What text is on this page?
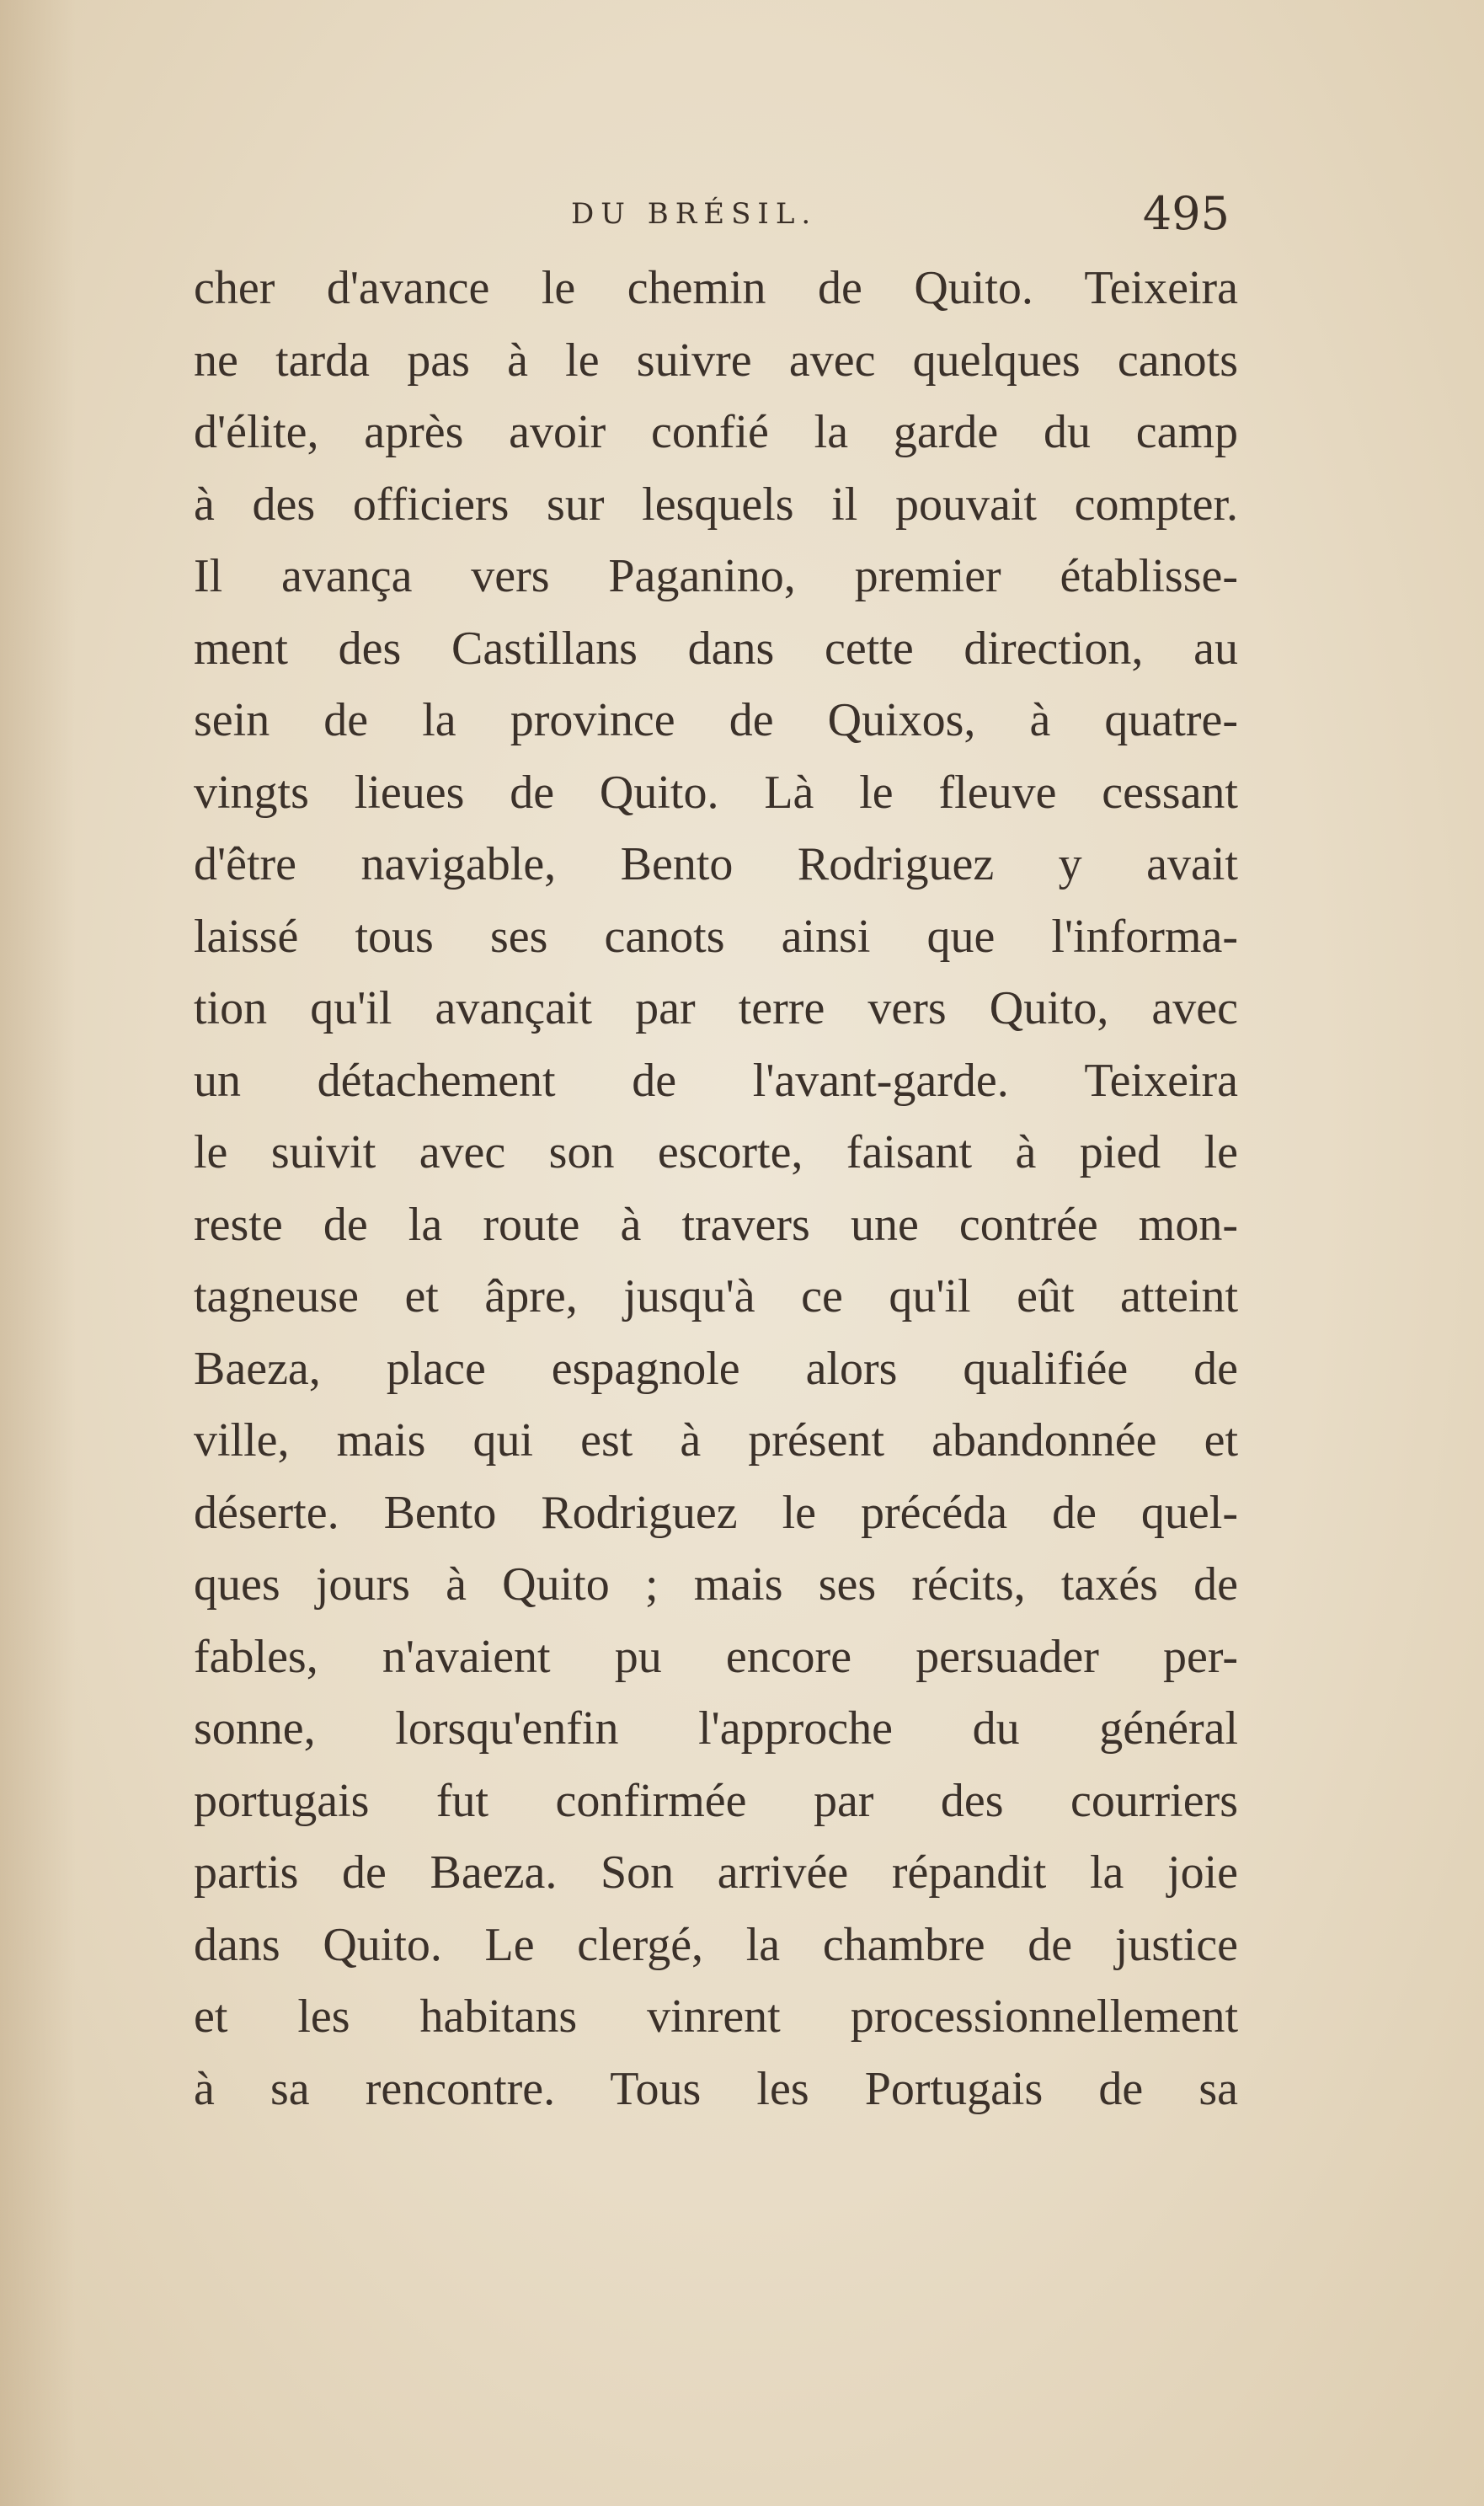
DU BRÉSIL.	495
cher d'avance le chemin de Quito. Teixeira
ne tarda pas à le suivre avec quelques canots
d'élite, après avoir confié la garde du camp
à des officiers sur lesquels il pouvait compter.
Il avança vers Paganino, premier établisse-
ment des Castillans dans cette direction, au
sein de la province de Quixos, à quatre-
vingts lieues de Quito. Là le fleuve cessant
d'être navigable, Bento Rodriguez y avait
laissé tous ses canots ainsi que l'informa-
tion qu'il avançait par terre vers Quito, avec
un détachement de l'avant-garde. Teixeira
le suivit avec son escorte, faisant à pied le
reste de la route à travers une contrée mon-
tagneuse et âpre, jusqu'à ce qu'il eût atteint
Baeza, place espagnole alors qualifiée de
ville, mais qui est à présent abandonnée et
déserte. Bento Rodriguez le précéda de quel-
ques jours à Quito ; mais ses récits, taxés de
fables, n'avaient pu encore persuader per-
sonne, lorsqu'enfin l'approche du général
portugais fut confirmée par des courriers
partis de Baeza. Son arrivée répandit la joie
dans Quito. Le clergé, la chambre de justice
et les habitans vinrent processionnellement
à sa rencontre. Tous les Portugais de sa
